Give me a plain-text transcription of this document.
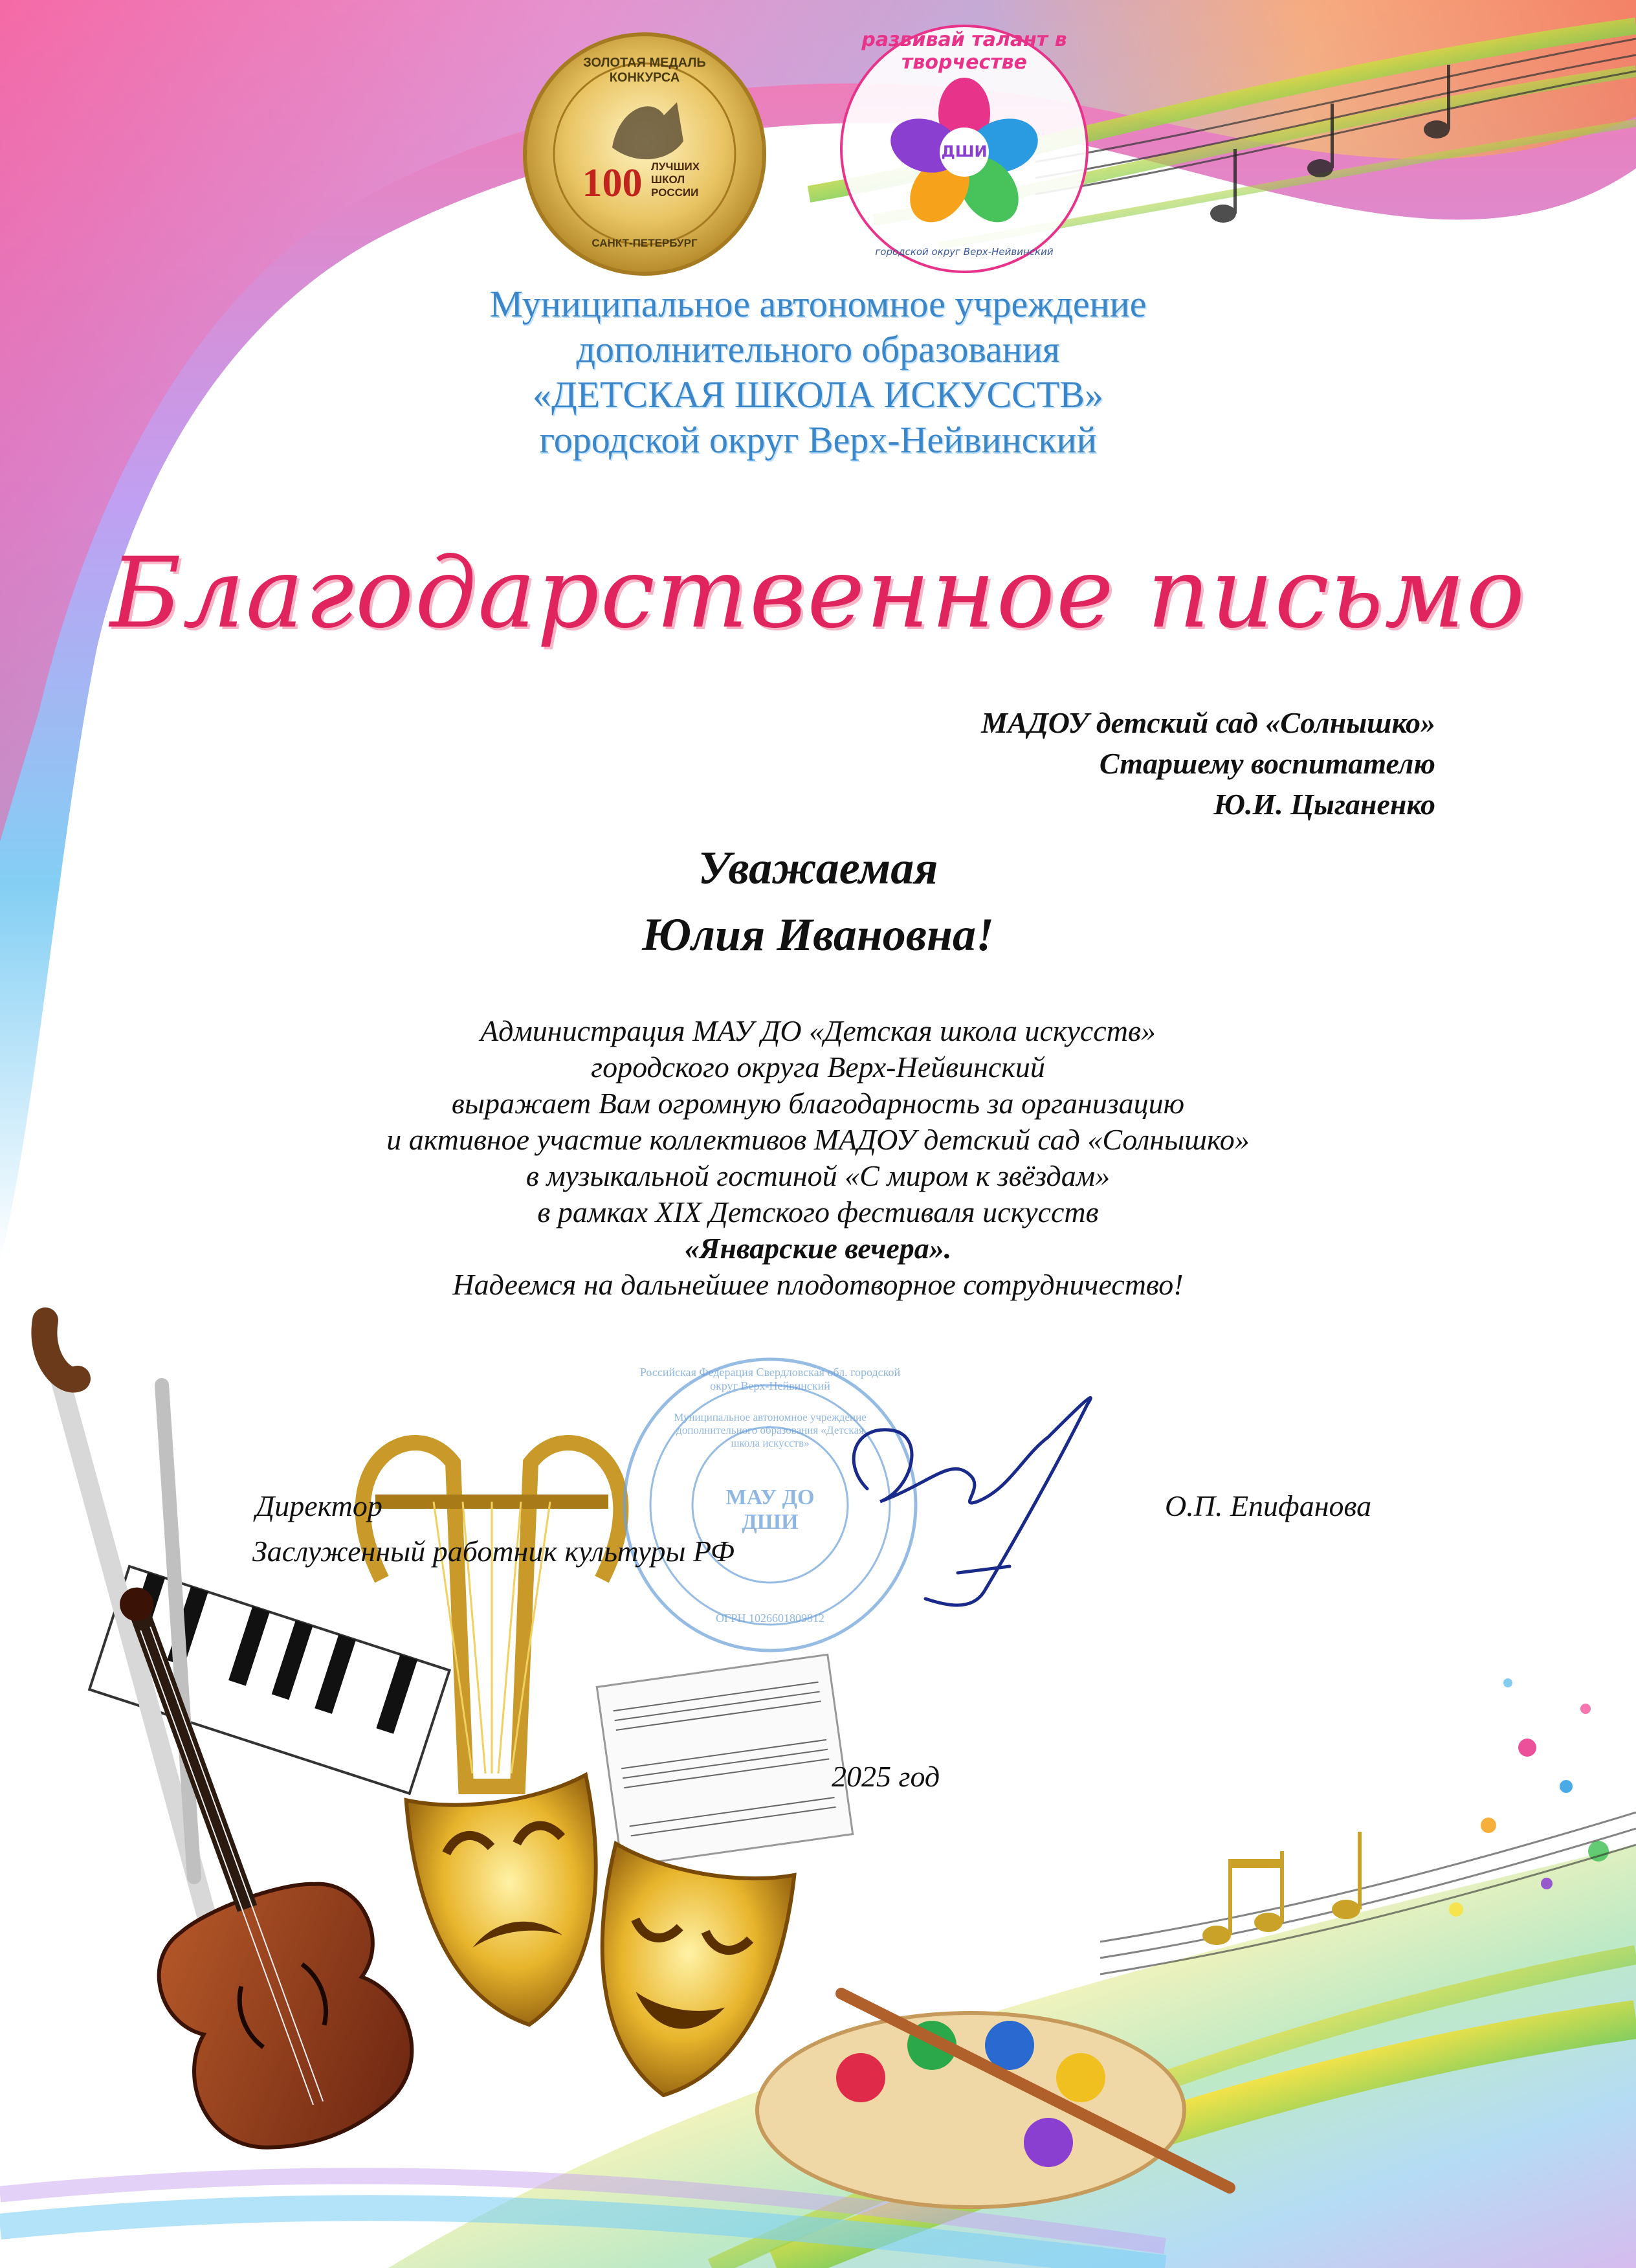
ЗОЛОТАЯ МЕДАЛЬ КОНКУРСА
100 ЛУЧШИХ
ШКОЛ
РОССИИ
САНКТ-ПЕТЕРБУРГ
развивай талант в творчестве
ДШИ
городской округ Верх-Нейвинский
Муниципальное автономное учреждение
дополнительного образования
«ДЕТСКАЯ ШКОЛА ИСКУССТВ»
городской округ Верх-Нейвинский
Благодарственное письмо
МАДОУ детский сад «Солнышко»
Старшему воспитателю
Ю.И. Цыганенко
Уважаемая
Юлия Ивановна!
Администрация МАУ ДО «Детская школа искусств»
городского округа Верх-Нейвинский
выражает Вам огромную благодарность за организацию
и активное участие коллективов МАДОУ детский сад «Солнышко»
в музыкальной гостиной «С миром к звёздам»
в рамках XIX Детского фестиваля искусств
«Январские вечера».
Надеемся на дальнейшее плодотворное сотрудничество!
Российская Федерация Свердловская обл. городской округ Верх-Нейвинский
Муниципальное автономное учреждение дополнительного образования «Детская школа искусств»
МАУ ДО ДШИ
ОГРН 1026601809812
Директор
Заслуженный работник культуры РФ
О.П. Епифанова
2025 год
